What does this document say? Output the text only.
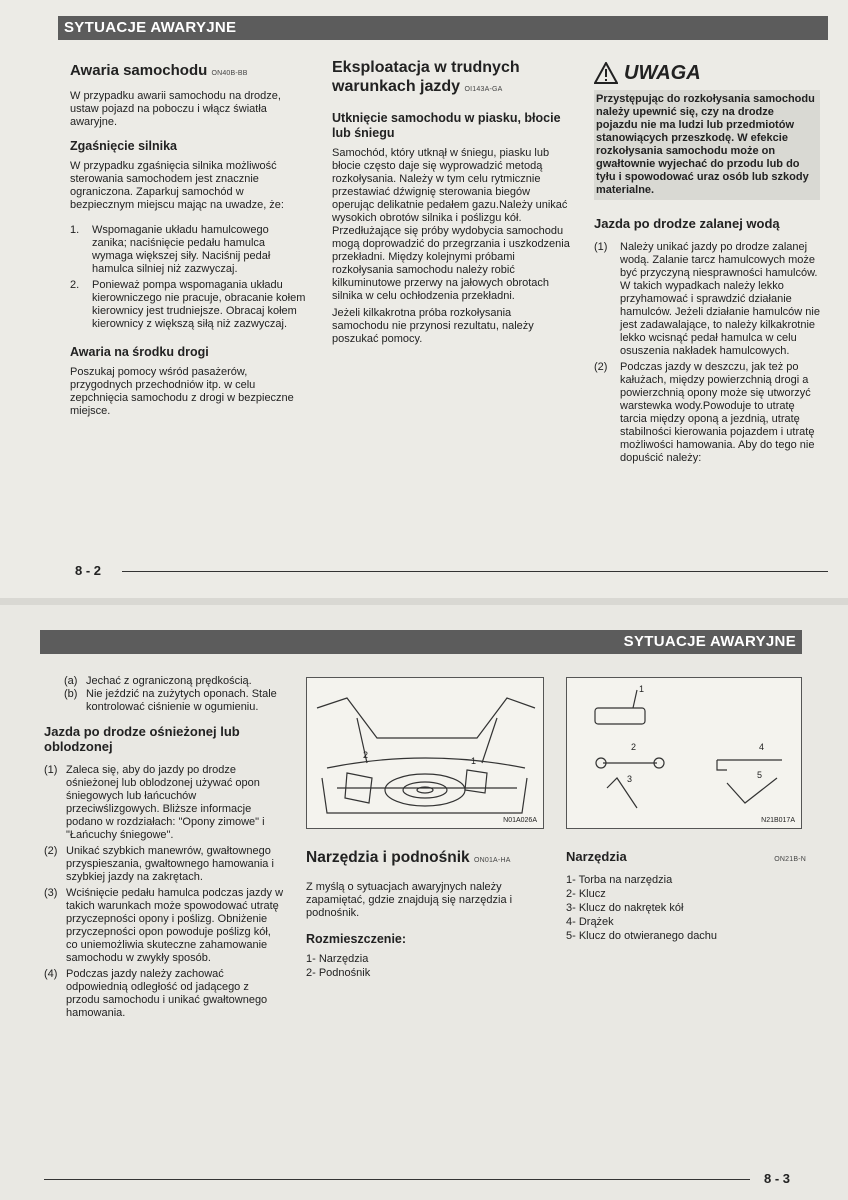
SYTUACJE AWARYJNE
Awaria samochodu ON40B-BB

W przypadku awarii samochodu na drodze, ustaw pojazd na poboczu i włącz światła awaryjne.

Zgaśnięcie silnika

W przypadku zgaśnięcia silnika możliwość sterowania samochodem jest znacznie ograniczona. Zaparkuj samochód w bezpiecznym miejscu mając na uwadze, że:

1. Wspomaganie układu hamulcowego zanika; naciśnięcie pedału hamulca wymaga większej siły. Naciśnij pedał hamulca silniej niż zazwyczaj.
2. Ponieważ pompa wspomagania układu kierowniczego nie pracuje, obracanie kołem kierownicy jest trudniejsze. Obracaj kołem kierownicy z większą siłą niż zazwyczaj.
Awaria na środku drogi

Poszukaj pomocy wśród pasażerów, przygodnych przechodniów itp. w celu zepchnięcia samochodu z drogi w bezpieczne miejsce.

Eksploatacja w trudnych warunkach jazdy OI143A-GA
Utknięcie samochodu w piasku, błocie lub śniegu

Samochód, który utknął w śniegu, piasku lub błocie często daje się wyprowadzić metodą rozkołysania. Należy w tym celu rytmicznie przestawiać dźwignię sterowania biegów operując delikatnie pedałem gazu.Należy unikać wysokich obrotów silnika i poślizgu kół. Przedłużające się próby wydobycia samochodu mogą doprowadzić do przegrzania i uszkodzenia przekładni. Między kolejnymi próbami rozkołysania samochodu należy robić kilkuminutowe przerwy na jałowych obrotach silnika w celu ochłodzenia przekładni.

Jeżeli kilkakrotna próba rozkołysania samochodu nie przynosi rezultatu, należy poszukać pomocy.

UWAGA
Przystępując do rozkołysania samochodu należy upewnić się, czy na drodze pojazdu nie ma ludzi lub przedmiotów stanowiących przeszkodę. W efekcie rozkołysania samochodu może on gwałtownie wyjechać do przodu lub do tyłu i spowodować uraz osób lub szkody materialne.
Jazda po drodze zalanej wodą
(1) Należy unikać jazdy po drodze zalanej wodą. Zalanie tarcz hamulcowych może być przyczyną niesprawności hamulców. W takich wypadkach należy lekko przyhamować i sprawdzić działanie hamulców. Jeżeli działanie hamulców nie jest zadawalające, to należy kilkakrotnie lekko wcisnąć pedał hamulca w celu osuszenia nakładek hamulcowych.
(2) Podczas jazdy w deszczu, jak też po kałużach, między powierzchnią drogi a powierzchnią opony może się utworzyć warstewka wody.Powoduje to utratę tarcia między oponą a jezdnią, utratę stabilności kierowania pojazdem i utratę możliwości hamowania. Aby do tego nie dopuścić należy:
8 - 2
SYTUACJE AWARYJNE
(a) Jechać z ograniczoną prędkością.
(b) Nie jeździć na zużytych oponach. Stale kontrolować ciśnienie w ogumieniu.
Jazda po drodze ośnieżonej lub oblodzonej
(1) Zaleca się, aby do jazdy po drodze ośnieżonej lub oblodzonej używać opon śniegowych lub łańcuchów przeciwślizgowych. Bliższe informacje podano w rozdziałach: "Opony zimowe" i "Łańcuchy śniegowe".
(2) Unikać szybkich manewrów, gwałtownego przyspieszania, gwałtownego hamowania i szybkiej jazdy na zakrętach.
(3) Wciśnięcie pedału hamulca podczas jazdy w takich warunkach może spowodować utratę przyczepności opony i poślizg. Obniżenie przyczepności opon powoduje poślizg kół, co uniemożliwia skuteczne zahamowanie samochodu w zwykły sposób.
(4) Podczas jazdy należy zachować odpowiednią odległość od jadącego z przodu samochodu i unikać gwałtownego hamowania.
2
1
N01A026A
Narzędzia i podnośnik ON01A-HA

Z myślą o sytuacjach awaryjnych należy zapamiętać, gdzie znajdują się narzędzia i podnośnik.

Rozmieszczenie:
1- Narzędzia
2- Podnośnik
1
2	4
3	5
N21B017A
Narzędzia	ON21B-N
1- Torba na narzędzia
2- Klucz
3- Klucz do nakrętek kół
4- Drążek
5- Klucz do otwieranego dachu
8 - 3
